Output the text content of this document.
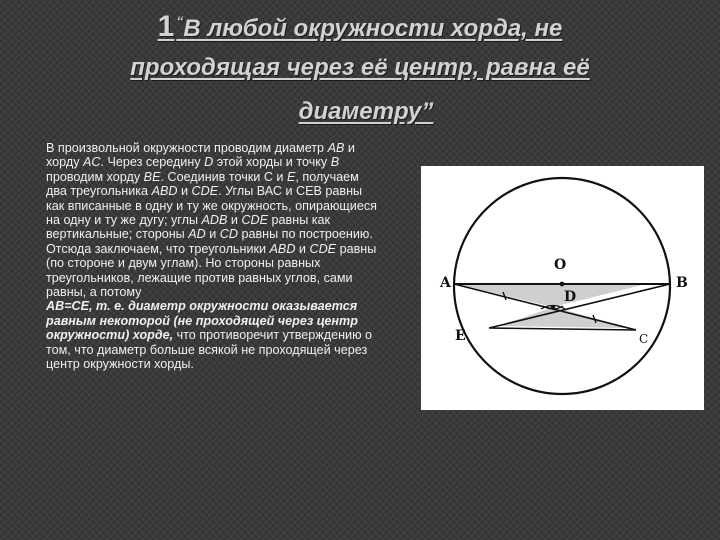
1 “В любой окружности хорда, не
проходящая через её центр, равна её
диаметру”

В произвольной окружности проводим диаметр AB и хорду AC. Через середину D этой хорды и точку B проводим хорду BE. Соединив точки С и E, получаем два треугольника ABD и CDE. Углы ВАС и СЕВ равны как вписанные в одну и ту же окружность, опирающиеся на одну и ту же дугу; углы ADB и CDE равны как вертикальные; стороны AD и CD равны по построению.

Отсюда заключаем, что треугольники ABD и CDE равны (по стороне и двум углам). Но стороны равных треугольников, лежащие против равных углов, сами равны, а потому

AB=CE, т. е. диаметр окружности оказывается равным некоторой (не проходящей через центр окружности) хорде, что противоречит утверждению о том, что диаметр больше всякой не проходящей через центр окружности хорды.

A	B
O
D
E	C
